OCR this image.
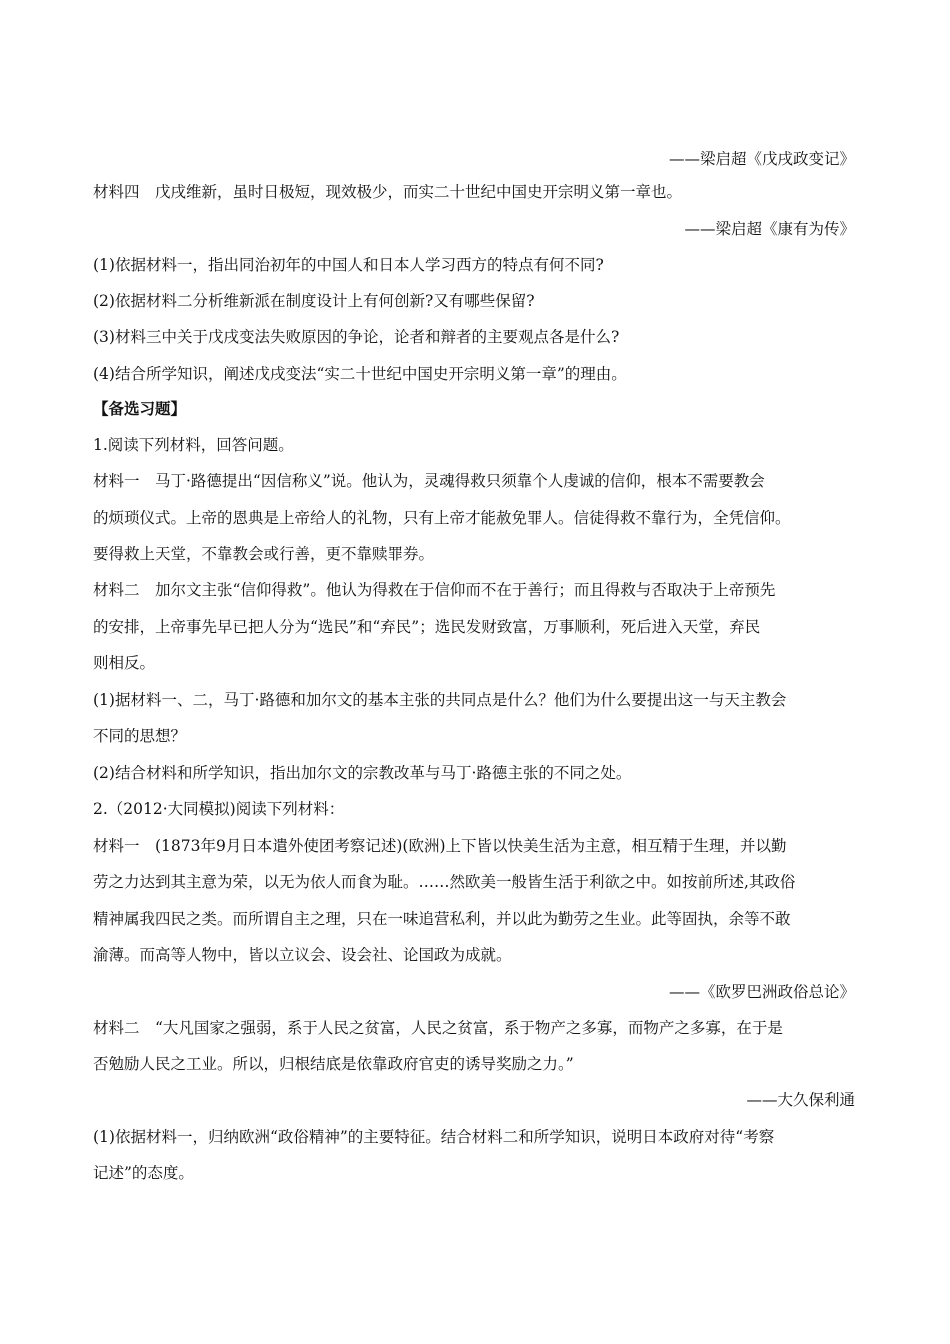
——梁启超《戊戌政变记》
材料四　戊戌维新，虽时日极短，现效极少，而实二十世纪中国史开宗明义第一章也。
——梁启超《康有为传》
(1)依据材料一，指出同治初年的中国人和日本人学习西方的特点有何不同?
(2)依据材料二分析维新派在制度设计上有何创新?又有哪些保留?
(3)材料三中关于戊戌变法失败原因的争论，论者和辩者的主要观点各是什么?
(4)结合所学知识，阐述戊戌变法“实二十世纪中国史开宗明义第一章”的理由。
【备选习题】
1.阅读下列材料，回答问题。
材料一　马丁·路德提出“因信称义”说。他认为，灵魂得救只须靠个人虔诚的信仰，根本不需要教会
的烦琐仪式。上帝的恩典是上帝给人的礼物，只有上帝才能赦免罪人。信徒得救不靠行为，全凭信仰。
要得救上天堂，不靠教会或行善，更不靠赎罪券。
材料二　加尔文主张“信仰得救”。他认为得救在于信仰而不在于善行；而且得救与否取决于上帝预先
的安排，上帝事先早已把人分为“选民”和“弃民”；选民发财致富，万事顺利，死后进入天堂，弃民
则相反。
(1)据材料一、二，马丁·路德和加尔文的基本主张的共同点是什么？他们为什么要提出这一与天主教会
不同的思想？
(2)结合材料和所学知识，指出加尔文的宗教改革与马丁·路德主张的不同之处。
2.（2012·大同模拟)阅读下列材料：
材料一　(1873年9月日本遣外使团考察记述)(欧洲)上下皆以快美生活为主意，相互精于生理，并以勤
劳之力达到其主意为荣，以无为依人而食为耻。……然欧美一般皆生活于利欲之中。如按前所述,其政俗
精神属我四民之类。而所谓自主之理，只在一味追营私利，并以此为勤劳之生业。此等固执，余等不敢
渝薄。而高等人物中，皆以立议会、设会社、论国政为成就。
——《欧罗巴洲政俗总论》
材料二　“大凡国家之强弱，系于人民之贫富，人民之贫富，系于物产之多寡，而物产之多寡，在于是
否勉励人民之工业。所以，归根结底是依靠政府官吏的诱导奖励之力。”
——大久保利通
(1)依据材料一，归纳欧洲“政俗精神”的主要特征。结合材料二和所学知识，说明日本政府对待“考察
记述”的态度。
